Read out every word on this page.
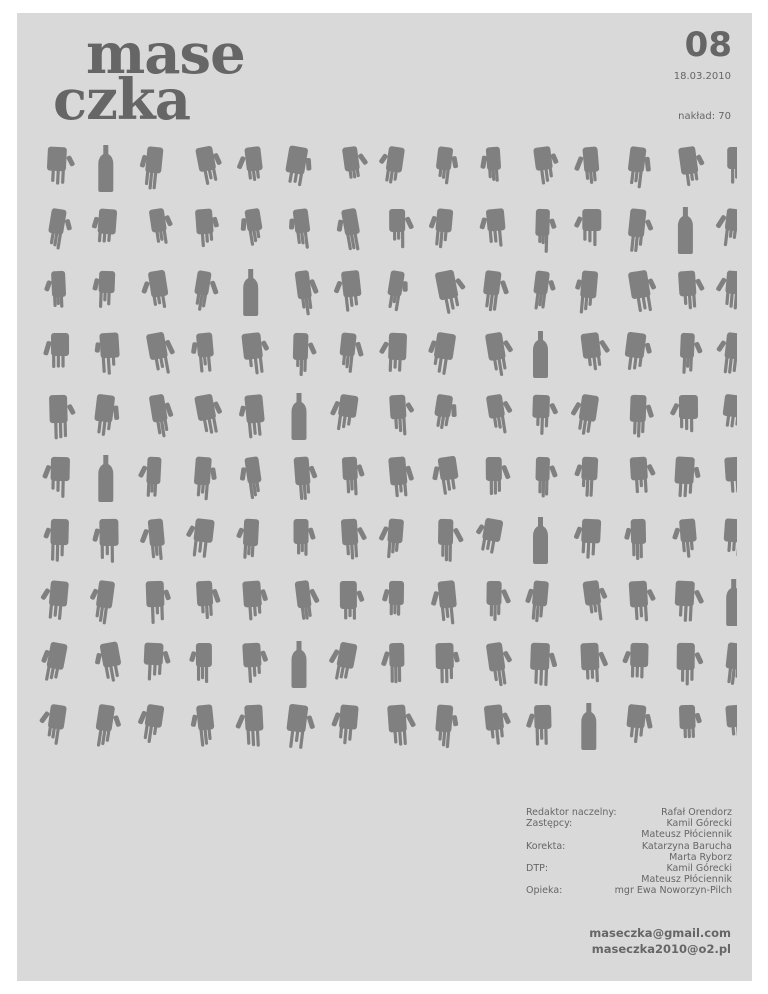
mase
czka
08
18.03.2010
nakład: 70
Redaktor naczelny:	Rafał Orendorz
Zastępcy:	Kamil Górecki
Mateusz Płóciennik
Korekta:	Katarzyna Barucha
Marta Ryborz
DTP:	Kamil Górecki
Mateusz Płóciennik
Opieka:	mgr Ewa Noworzyn-Pilch
maseczka@gmail.com
maseczka2010@o2.pl
